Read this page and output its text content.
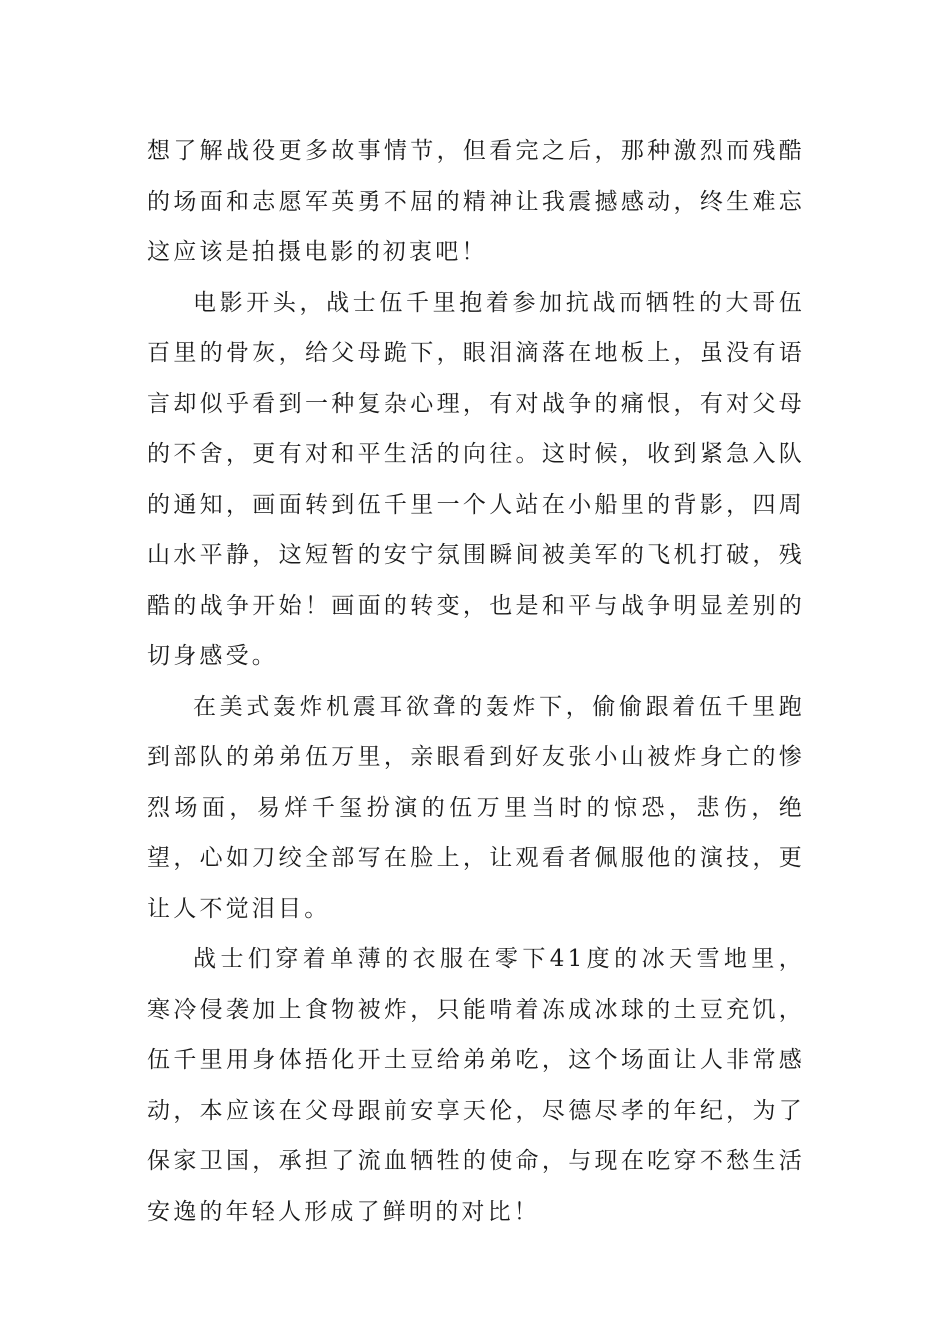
想了解战役更多故事情节，但看完之后，那种激烈而残酷的场面和志愿军英勇不屈的精神让我震撼感动，终生难忘这应该是拍摄电影的初衷吧！

电影开头，战士伍千里抱着参加抗战而牺牲的大哥伍百里的骨灰，给父母跪下，眼泪滴落在地板上，虽没有语言却似乎看到一种复杂心理，有对战争的痛恨，有对父母的不舍，更有对和平生活的向往。这时候，收到紧急入队的通知，画面转到伍千里一个人站在小船里的背影，四周山水平静，这短暂的安宁氛围瞬间被美军的飞机打破，残酷的战争开始！画面的转变，也是和平与战争明显差别的切身感受。

在美式轰炸机震耳欲聋的轰炸下，偷偷跟着伍千里跑到部队的弟弟伍万里，亲眼看到好友张小山被炸身亡的惨烈场面，易烊千玺扮演的伍万里当时的惊恐，悲伤，绝望，心如刀绞全部写在脸上，让观看者佩服他的演技，更让人不觉泪目。

战士们穿着单薄的衣服在零下41度的冰天雪地里，寒冷侵袭加上食物被炸，只能啃着冻成冰球的土豆充饥，伍千里用身体捂化开土豆给弟弟吃，这个场面让人非常感动，本应该在父母跟前安享天伦，尽德尽孝的年纪，为了保家卫国，承担了流血牺牲的使命，与现在吃穿不愁生活安逸的年轻人形成了鲜明的对比！
